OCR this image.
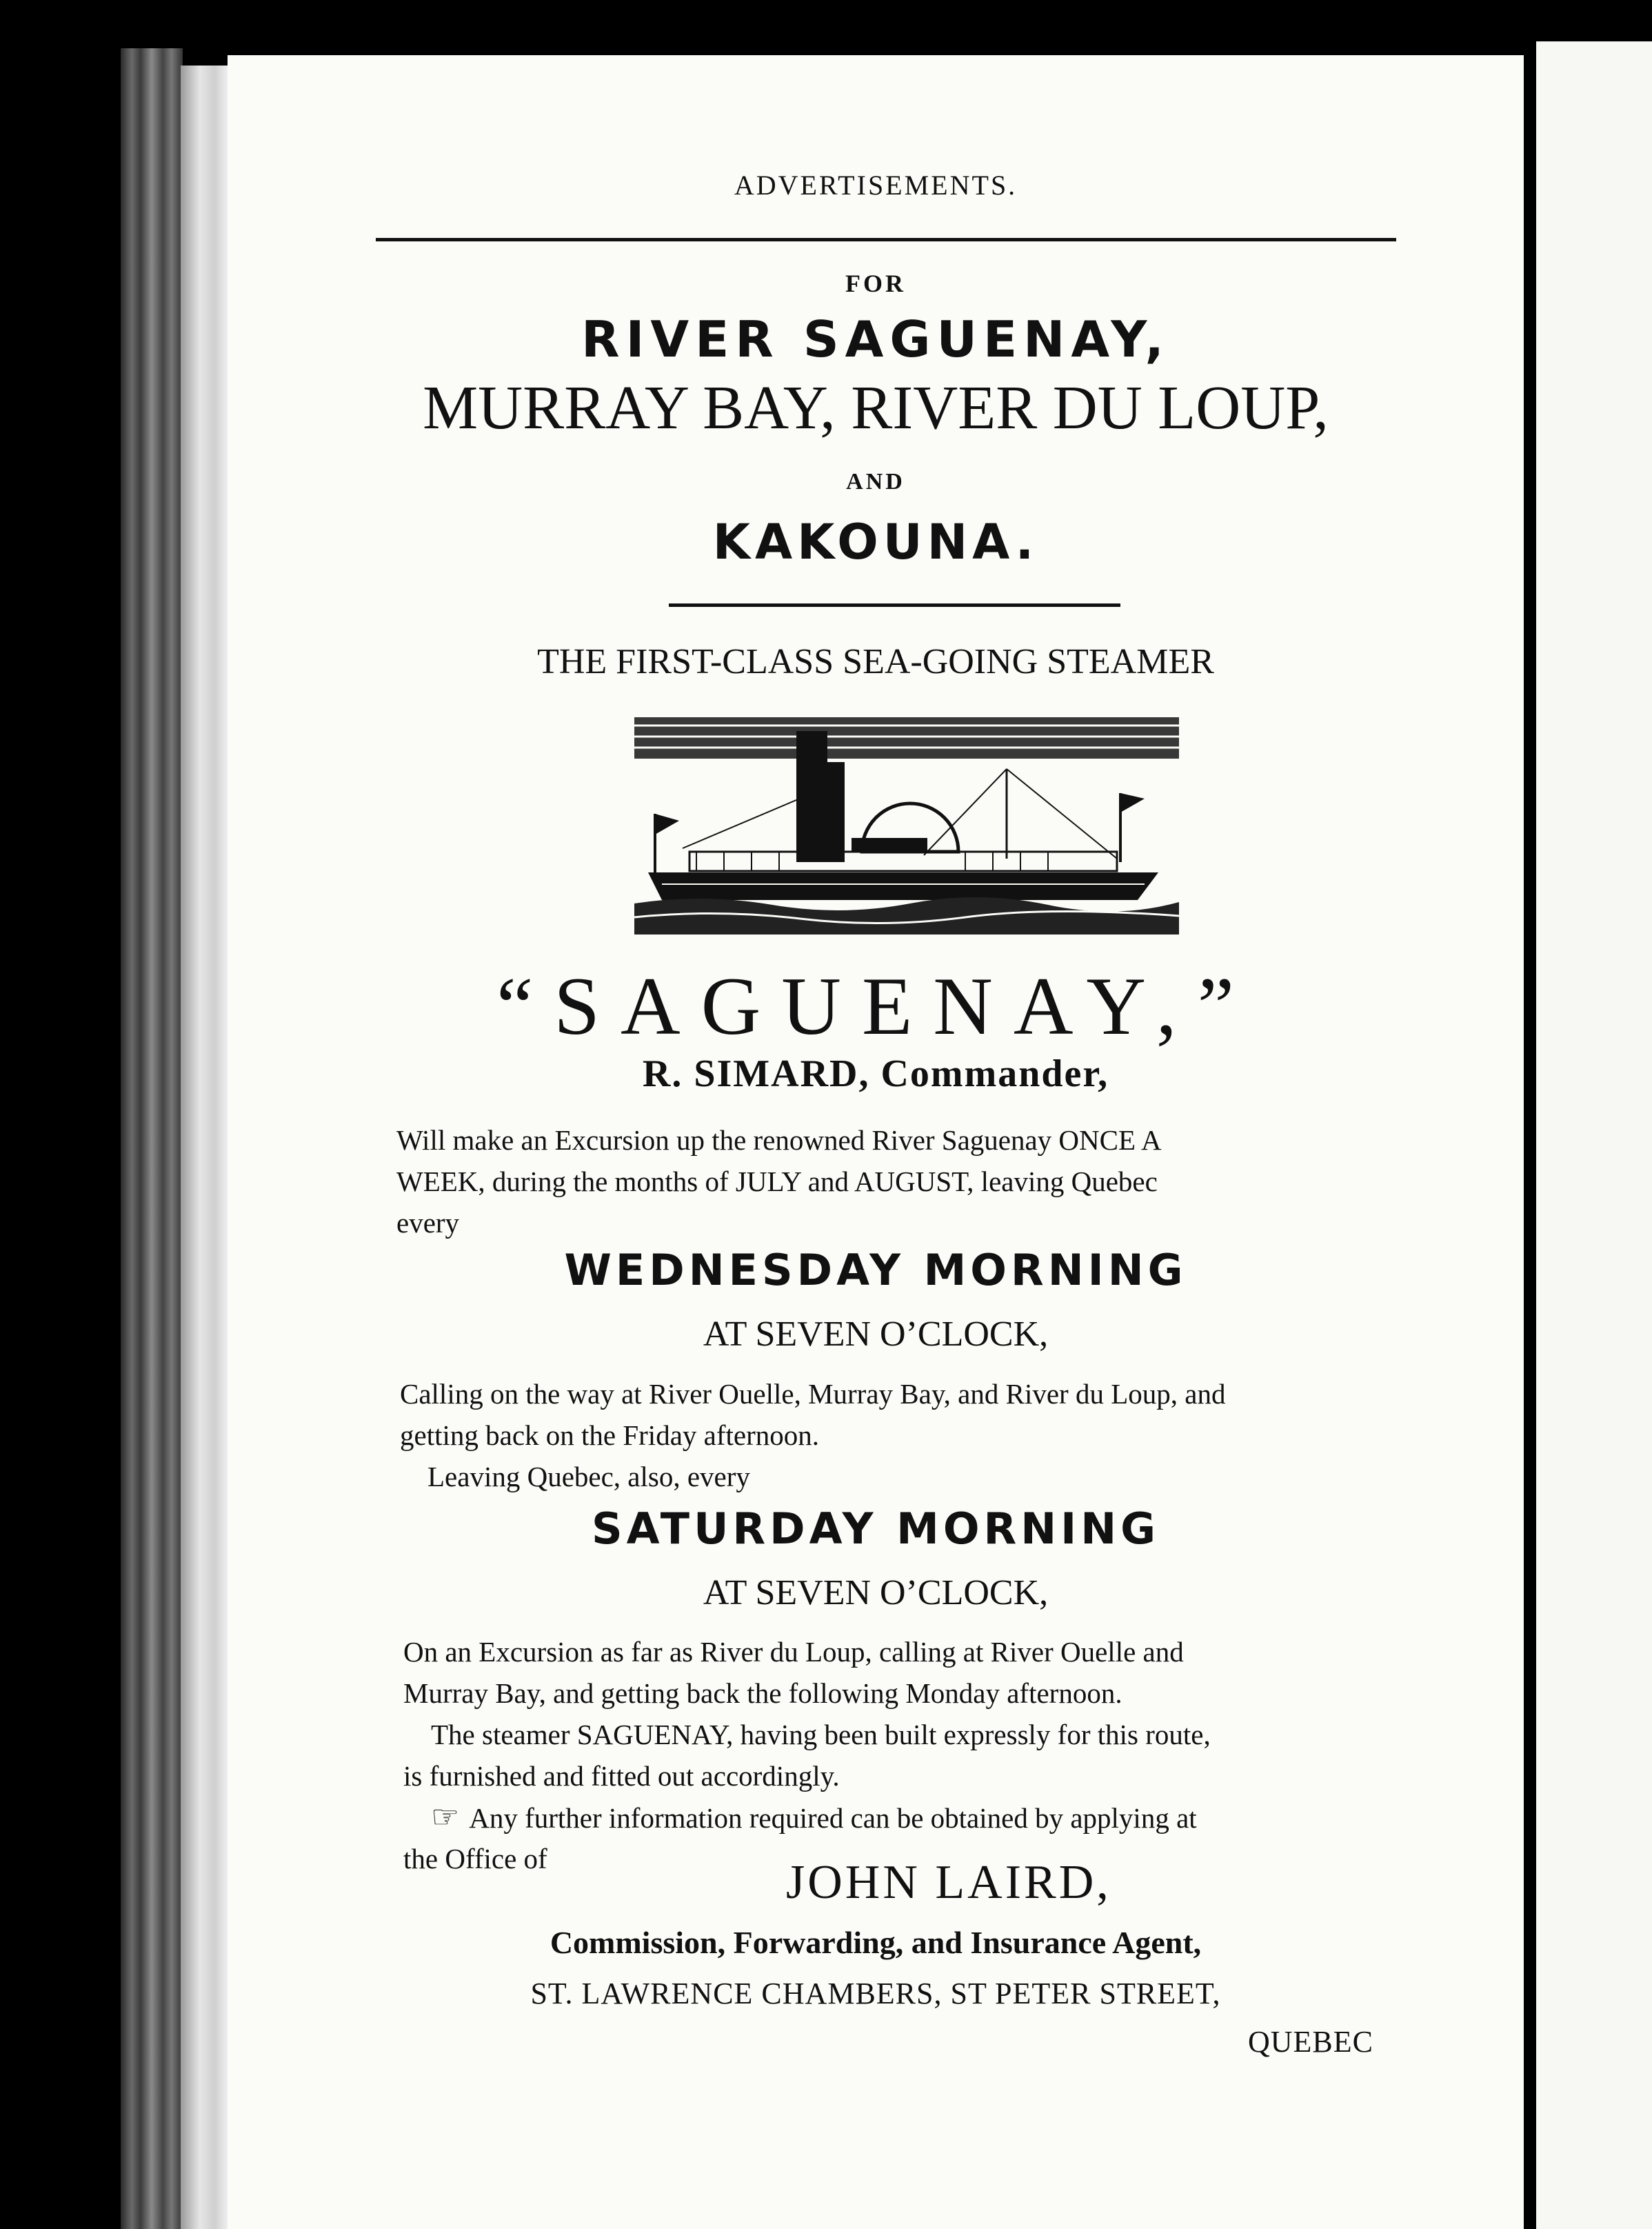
ADVERTISEMENTS.
FOR
RIVER SAGUENAY,
MURRAY BAY, RIVER DU LOUP,
AND
KAKOUNA.
THE FIRST-CLASS SEA-GOING STEAMER
“SAGUENAY,”
R. SIMARD, Commander,
Will make an Excursion up the renowned River Saguenay ONCE A
WEEK, during the months of JULY and AUGUST, leaving Quebec
every
WEDNESDAY MORNING
AT SEVEN O’CLOCK,
Calling on the way at River Ouelle, Murray Bay, and River du Loup, and
getting back on the Friday afternoon.
Leaving Quebec, also, every
SATURDAY MORNING
AT SEVEN O’CLOCK,
On an Excursion as far as River du Loup, calling at River Ouelle and
Murray Bay, and getting back the following Monday afternoon.
The steamer SAGUENAY, having been built expressly for this route,
is furnished and fitted out accordingly.
☞ Any further information required can be obtained by applying at
the Office of	JOHN LAIRD,
Commission, Forwarding, and Insurance Agent,
ST. LAWRENCE CHAMBERS, ST PETER STREET,
QUEBEC
